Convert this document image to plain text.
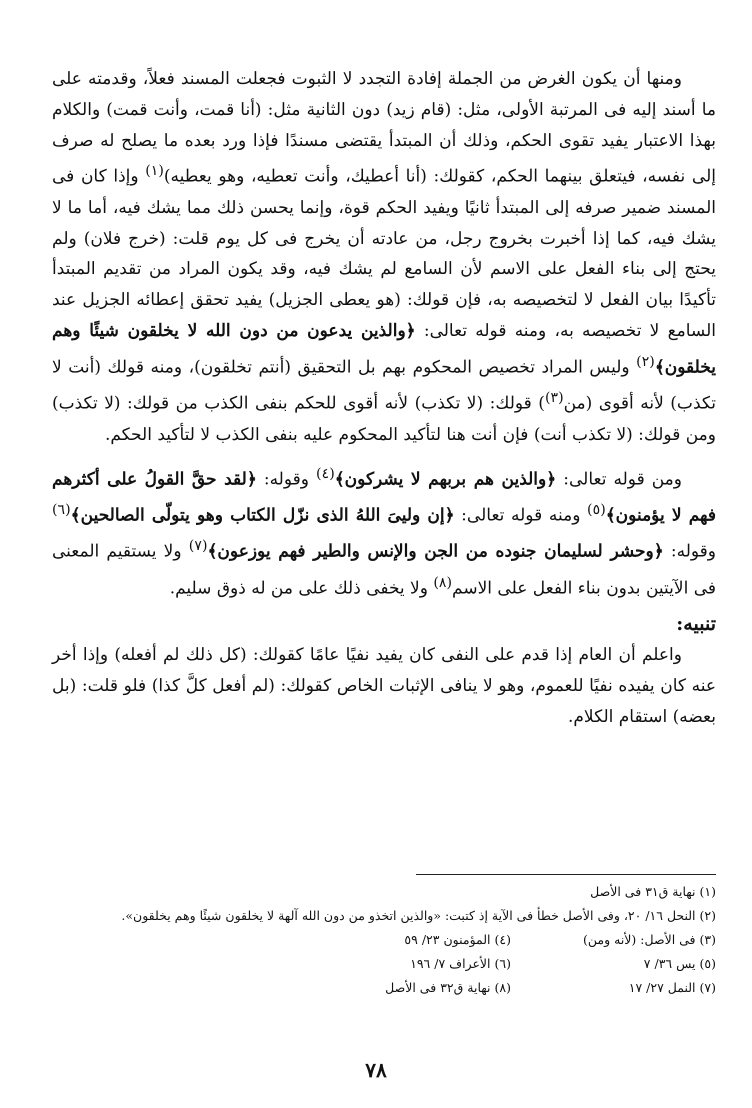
ومنها أن يكون الغرض من الجملة إفادة التجدد لا الثبوت فجعلت المسند فعلاً، وقدمته على ما أسند إليه فى المرتبة الأولى، مثل: (قام زيد) دون الثانية مثل: (أنا قمت، وأنت قمت) والكلام بهذا الاعتبار يفيد تقوى الحكم، وذلك أن المبتدأ يقتضى مسندًا فإذا ورد بعده ما يصلح له صرف إلى نفسه، فيتعلق بينهما الحكم، كقولك: (أنا أعطيك، وأنت تعطيه، وهو يعطيه)$^{(١)}$ وإذا كان فى المسند ضمير صرفه إلى المبتدأ ثانيًا ويفيد الحكم قوة، وإنما يحسن ذلك مما يشك فيه، أما ما لا يشك فيه، كما إذا أخبرت بخروج رجل، من عادته أن يخرج فى كل يوم قلت: (خرج فلان) ولم يحتج إلى بناء الفعل على الاسم لأن السامع لم يشك فيه، وقد يكون المراد من تقديم المبتدأ تأكيدًا بيان الفعل لا لتخصيصه به، فإن قولك: (هو يعطى الجزيل) يفيد تحقق إعطائه الجزيل عند السامع لا تخصيصه به، ومنه قوله تعالى: ﴿والذين يدعون من دون الله لا يخلقون شيئًا وهم يخلقون﴾$^{(٢)}$ وليس المراد تخصيص المحكوم بهم بل التحقيق (أنتم تخلقون)، ومنه قولك (أنت لا تكذب) لأنه أقوى (من$^{(٣)}$) قولك: (لا تكذب) لأنه أقوى للحكم بنفى الكذب من قولك: (لا تكذب) ومن قولك: (لا تكذب أنت) فإن أنت هنا لتأكيد المحكوم عليه بنفى الكذب لا لتأكيد الحكم.

ومن قوله تعالى: ﴿والذين هم بربهم لا يشركون﴾$^{(٤)}$ وقوله: ﴿لقد حقَّ القولُ على أكثرهم فهم لا يؤمنون﴾$^{(٥)}$ ومنه قوله تعالى: ﴿إن وليىَ اللهُ الذى نزّل الكتاب وهو يتولّى الصالحين﴾$^{(٦)}$ وقوله: ﴿وحشر لسليمان جنوده من الجن والإنس والطير فهم يوزعون﴾$^{(٧)}$ ولا يستقيم المعنى فى الآيتين بدون بناء الفعل على الاسم$^{(٨)}$ ولا يخفى ذلك على من له ذوق سليم.

تنبيه:

واعلم أن العام إذا قدم على النفى كان يفيد نفيًا عامًا كقولك: (كل ذلك لم أفعله) وإذا أخر عنه كان يفيده نفيًا للعموم، وهو لا ينافى الإثبات الخاص كقولك: (لم أفعل كلَّ كذا) فلو قلت: (بل بعضه) استقام الكلام.

(١) نهاية ق٣١ فى الأصل

(٢) النحل ١٦/ ٢٠، وفى الأصل خطأ فى الآية إذ كتبت: «والذين اتخذو من دون الله آلهة لا يخلقون شيئًا وهم يخلقون».

(٣) فى الأصل: (لأنه ومن)

(٤) المؤمنون ٢٣/ ٥٩

(٥) يس ٣٦/ ٧

(٦) الأعراف ٧/ ١٩٦

(٧) النمل ٢٧/ ١٧

(٨) نهاية ق٣٢ فى الأصل

٧٨
